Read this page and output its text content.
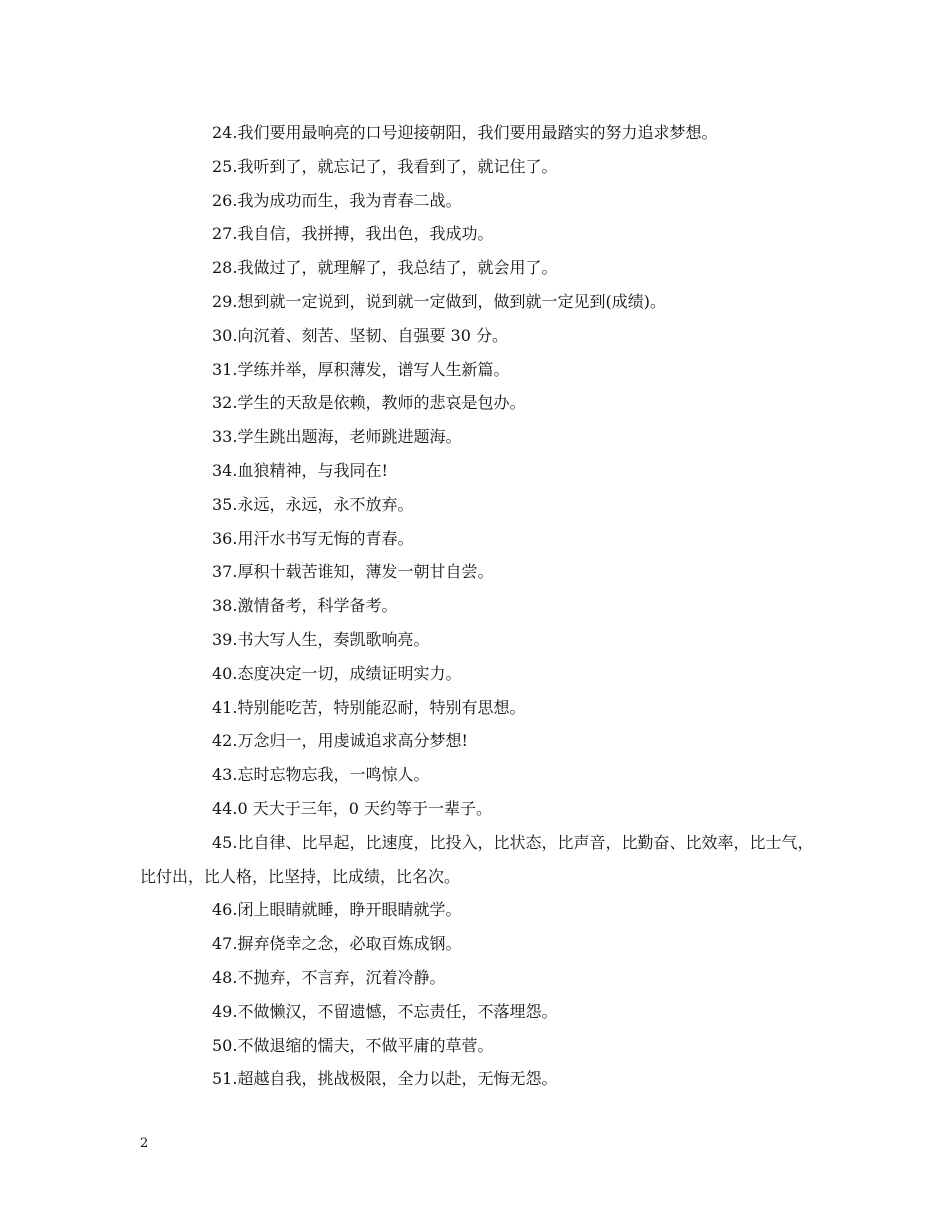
24.我们要用最响亮的口号迎接朝阳，我们要用最踏实的努力追求梦想。

25.我听到了，就忘记了，我看到了，就记住了。

26.我为成功而生，我为青春二战。

27.我自信，我拼搏，我出色，我成功。

28.我做过了，就理解了，我总结了，就会用了。

29.想到就一定说到，说到就一定做到，做到就一定见到(成绩)。

30.向沉着、刻苦、坚韧、自强要 30 分。

31.学练并举，厚积薄发，谱写人生新篇。

32.学生的天敌是依赖，教师的悲哀是包办。

33.学生跳出题海，老师跳进题海。

34.血狼精神，与我同在!

35.永远，永远，永不放弃。

36.用汗水书写无悔的青春。

37.厚积十载苦谁知，薄发一朝甘自尝。

38.激情备考，科学备考。

39.书大写人生，奏凯歌响亮。

40.态度决定一切，成绩证明实力。

41.特别能吃苦，特别能忍耐，特别有思想。

42.万念归一，用虔诚追求高分梦想!

43.忘时忘物忘我，一鸣惊人。

44.0 天大于三年，0 天约等于一辈子。

45.比自律、比早起，比速度，比投入，比状态，比声音，比勤奋、比效率，比士气，比付出，比人格，比坚持，比成绩，比名次。

46.闭上眼睛就睡，睁开眼睛就学。

47.摒弃侥幸之念，必取百炼成钢。

48.不抛弃，不言弃，沉着冷静。

49.不做懒汉，不留遗憾，不忘责任，不落埋怨。

50.不做退缩的懦夫，不做平庸的草菅。

51.超越自我，挑战极限，全力以赴，无悔无怨。

2
